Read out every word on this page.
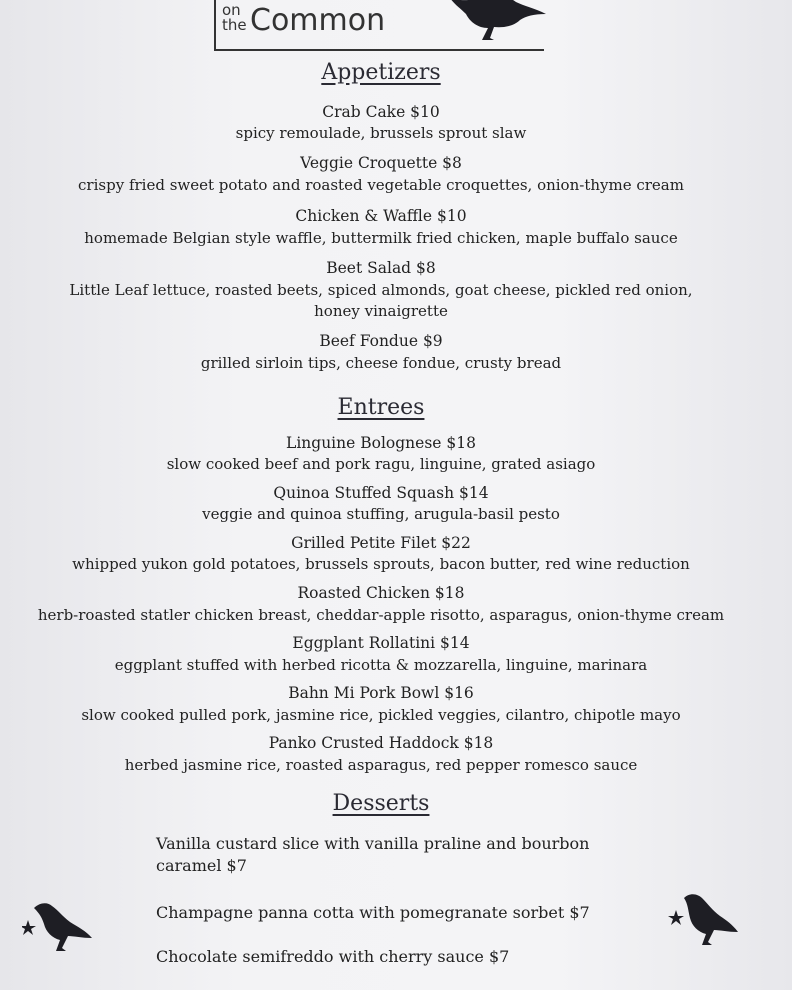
on
the Common
Appetizers
Crab Cake $10
spicy remoulade, brussels sprout slaw
Veggie Croquette $8
crispy fried sweet potato and roasted vegetable croquettes, onion-thyme cream
Chicken & Waffle $10
homemade Belgian style waffle, buttermilk fried chicken, maple buffalo sauce
Beet Salad $8
Little Leaf lettuce, roasted beets, spiced almonds, goat cheese, pickled red onion,
honey vinaigrette
Beef Fondue $9
grilled sirloin tips, cheese fondue, crusty bread
Entrees
Linguine Bolognese $18
slow cooked beef and pork ragu, linguine, grated asiago
Quinoa Stuffed Squash $14
veggie and quinoa stuffing, arugula-basil pesto
Grilled Petite Filet $22
whipped yukon gold potatoes, brussels sprouts, bacon butter, red wine reduction
Roasted Chicken $18
herb-roasted statler chicken breast, cheddar-apple risotto, asparagus, onion-thyme cream
Eggplant Rollatini $14
eggplant stuffed with herbed ricotta & mozzarella, linguine, marinara
Bahn Mi Pork Bowl $16
slow cooked pulled pork, jasmine rice, pickled veggies, cilantro, chipotle mayo
Panko Crusted Haddock $18
herbed jasmine rice, roasted asparagus, red pepper romesco sauce
Desserts
Vanilla custard slice with vanilla praline and bourbon
caramel $7
Champagne panna cotta with pomegranate sorbet $7
Chocolate semifreddo with cherry sauce $7
